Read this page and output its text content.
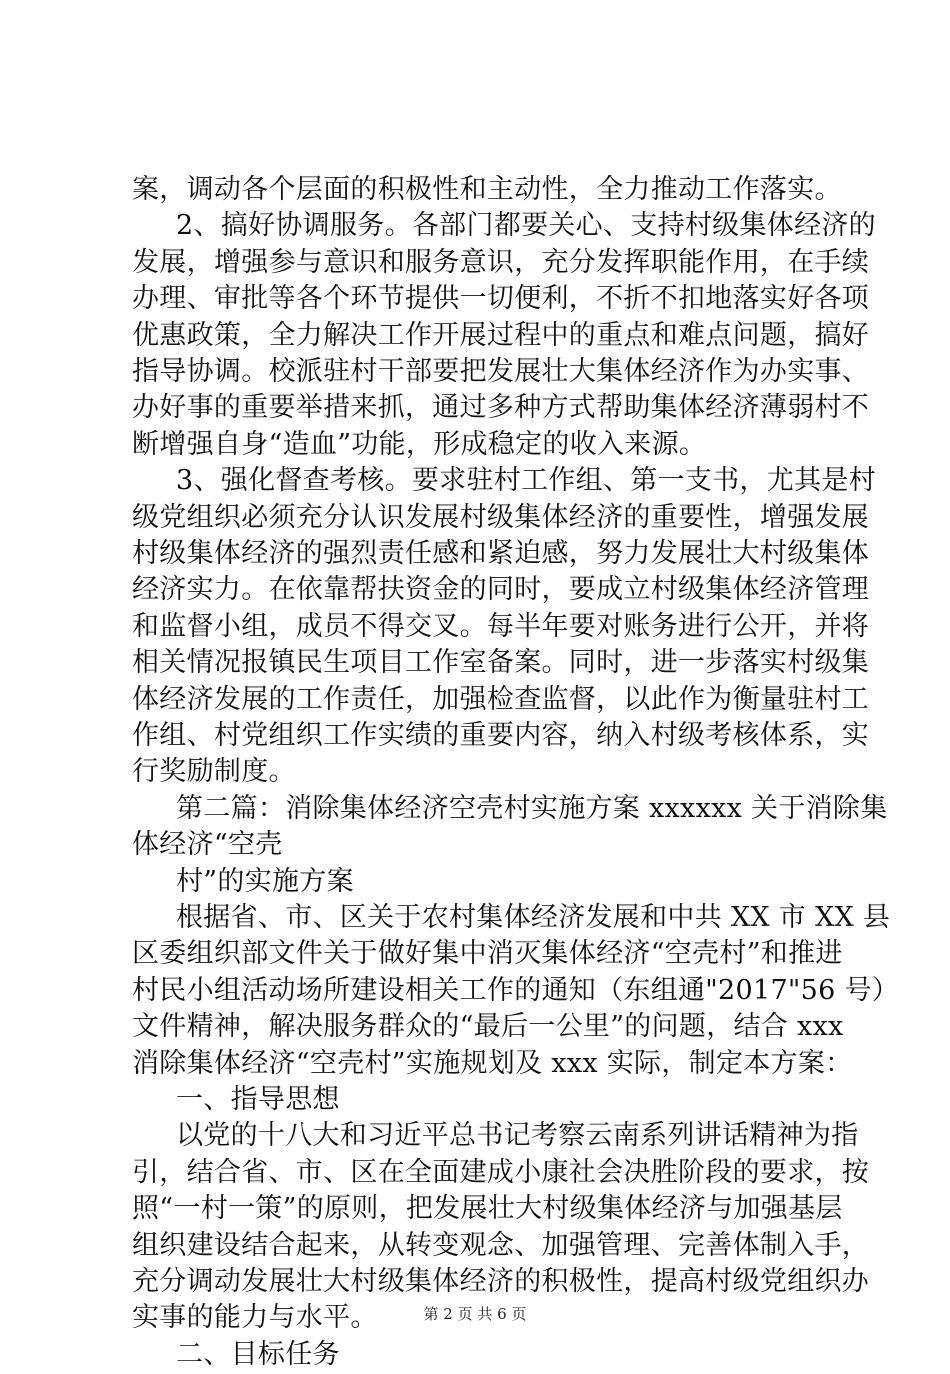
案，调动各个层面的积极性和主动性，全力推动工作落实。
2、搞好协调服务。各部门都要关心、支持村级集体经济的
发展，增强参与意识和服务意识，充分发挥职能作用，在手续
办理、审批等各个环节提供一切便利，不折不扣地落实好各项
优惠政策，全力解决工作开展过程中的重点和难点问题，搞好
指导协调。校派驻村干部要把发展壮大集体经济作为办实事、
办好事的重要举措来抓，通过多种方式帮助集体经济薄弱村不
断增强自身“造血”功能，形成稳定的收入来源。
3、强化督查考核。要求驻村工作组、第一支书，尤其是村
级党组织必须充分认识发展村级集体经济的重要性，增强发展
村级集体经济的强烈责任感和紧迫感，努力发展壮大村级集体
经济实力。在依靠帮扶资金的同时，要成立村级集体经济管理
和监督小组，成员不得交叉。每半年要对账务进行公开，并将
相关情况报镇民生项目工作室备案。同时，进一步落实村级集
体经济发展的工作责任，加强检查监督，以此作为衡量驻村工
作组、村党组织工作实绩的重要内容，纳入村级考核体系，实
行奖励制度。
第二篇：消除集体经济空壳村实施方案 xxxxxx 关于消除集
体经济“空壳
村”的实施方案
根据省、市、区关于农村集体经济发展和中共 XX 市 XX 县
区委组织部文件关于做好集中消灭集体经济“空壳村”和推进
村民小组活动场所建设相关工作的通知（东组通"2017"56 号）
文件精神，解决服务群众的“最后一公里”的问题，结合 xxx
消除集体经济“空壳村”实施规划及 xxx 实际，制定本方案：
一、指导思想
以党的十八大和习近平总书记考察云南系列讲话精神为指
引，结合省、市、区在全面建成小康社会决胜阶段的要求，按
照“一村一策”的原则，把发展壮大村级集体经济与加强基层
组织建设结合起来，从转变观念、加强管理、完善体制入手，
第 2 页 共 6 页
充分调动发展壮大村级集体经济的积极性，提高村级党组织办
实事的能力与水平。
二、目标任务
